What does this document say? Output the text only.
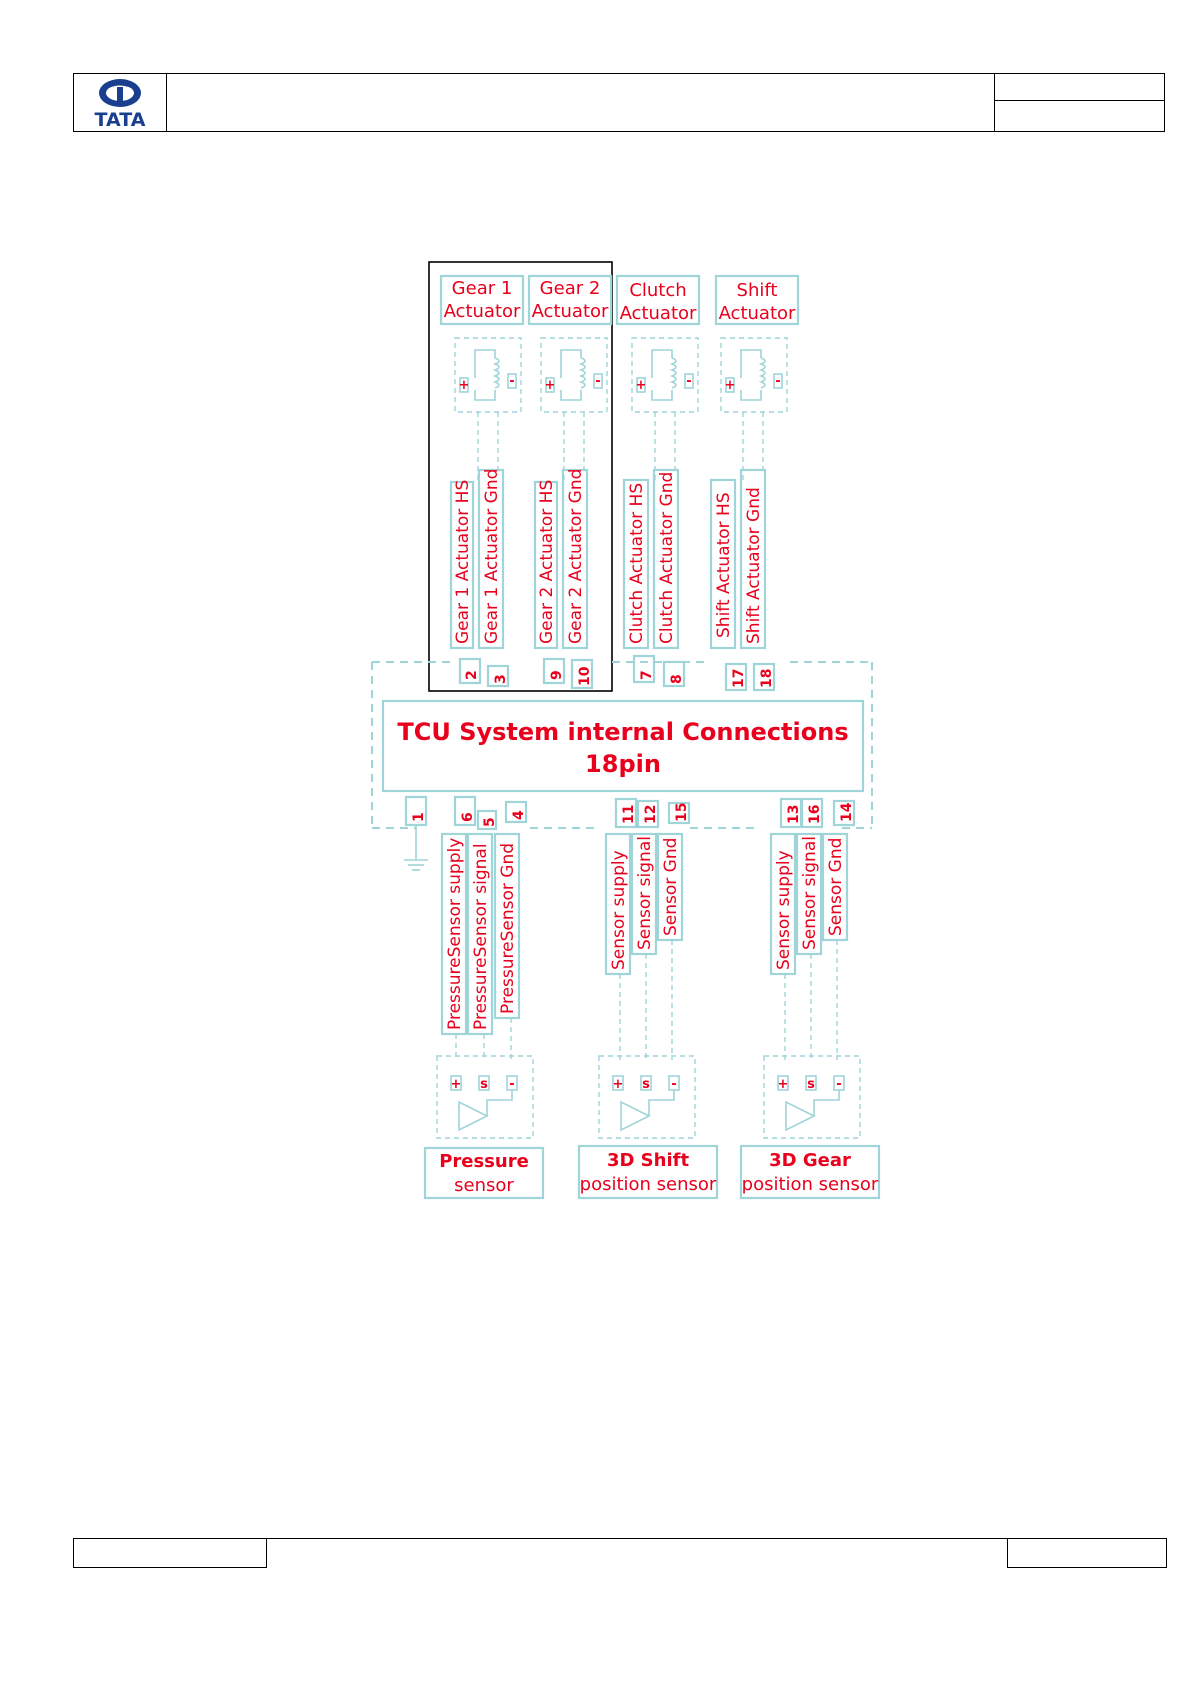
TATA
Gear 1
Actuator
Gear 2
Actuator
Clutch
Actuator
Shift
Actuator
+	- +	-	+	-	+	-
Gear 1 Actuator HS Gear 1 Actuator Gnd Gear 2 Actuator HS Gear 2 Actuator Gnd Clutch Actuator HS Clutch Actuator Gnd Shift Actuator HS Shift Actuator Gnd
2 3	9 10	7 8	17 18
TCU System internal Connections
18pin
1 6
5
4	11 12 15	13 16 14
PressureSensor supply PressureSensor signal PressureSensor Gnd	Sensor supply Sensor signal Sensor Gnd	Sensor supply Sensor signal Sensor Gnd
+ s -	+ s -	+ s -
Pressure
sensor
3D Shift
position sensor
3D Gear
position sensor
